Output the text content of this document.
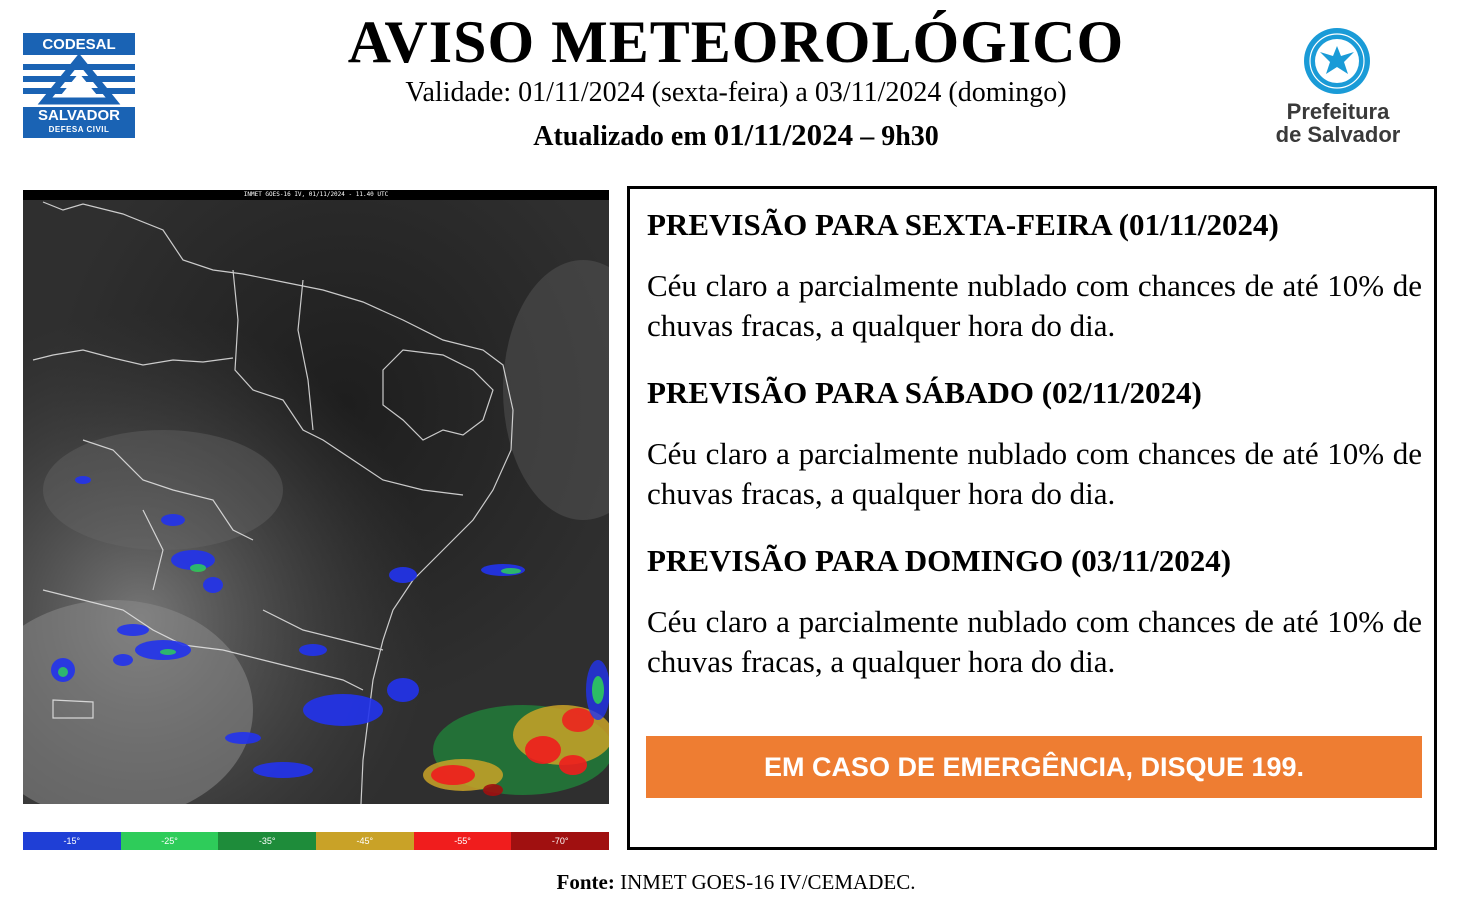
AVISO METEOROLÓGICO
Validade: 01/11/2024 (sexta-feira) a 03/11/2024 (domingo)
Atualizado em 01/11/2024 – 9h30
CODESAL
SALVADOR
DEFESA CIVIL
Prefeitura
de Salvador
INMET GOES-16 IV, 01/11/2024 - 11.40 UTC
-15°	-25°	-35°	-45°	-55°	-70°
PREVISÃO PARA SEXTA-FEIRA (01/11/2024)
Céu claro a parcialmente nublado com chances de até 10% de chuvas fracas, a qualquer hora do dia.
PREVISÃO PARA SÁBADO (02/11/2024)
Céu claro a parcialmente nublado com chances de até 10% de chuvas fracas, a qualquer hora do dia.
PREVISÃO PARA DOMINGO (03/11/2024)
Céu claro a parcialmente nublado com chances de até 10% de chuvas fracas, a qualquer hora do dia.
EM CASO DE EMERGÊNCIA, DISQUE 199.
Fonte: INMET GOES-16 IV/CEMADEC.
